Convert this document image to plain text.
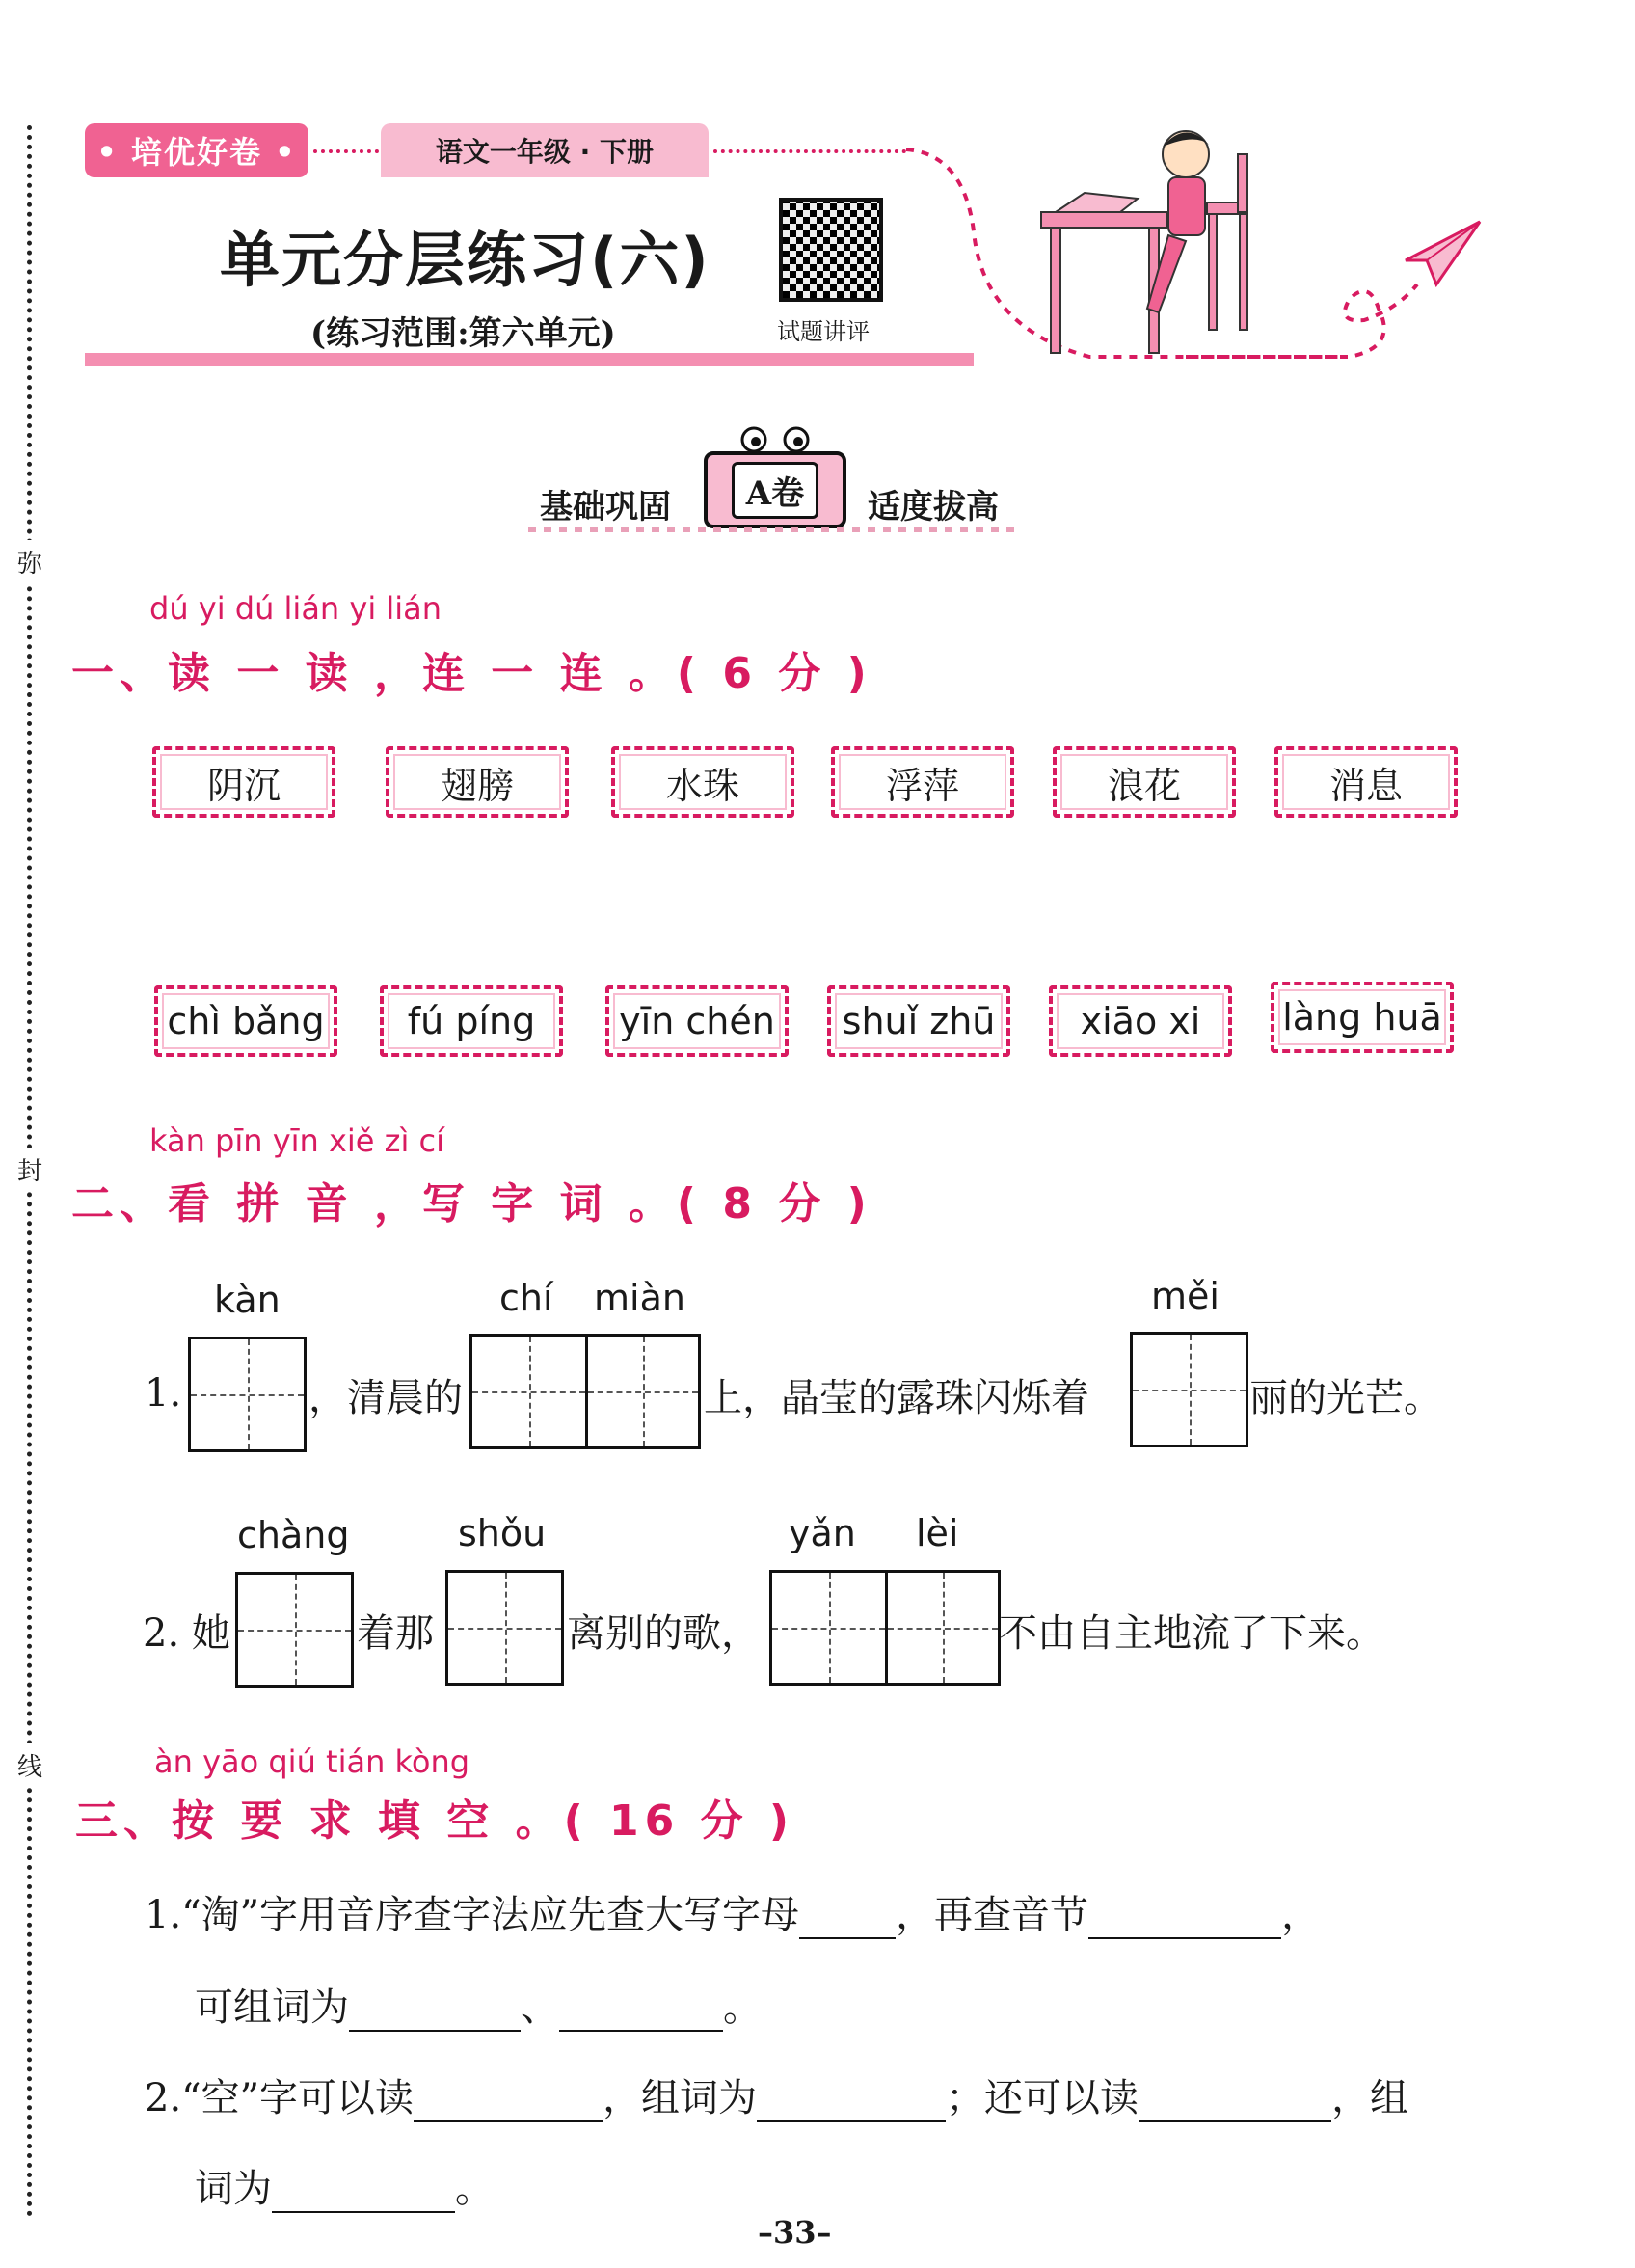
弥
封
线
• 培优好卷 •	语文一年级 · 下册
单元分层练习(六)
(练习范围:第六单元)	试题讲评
基础巩固	A卷	适度拔高
dú yi dú lián yi lián
一、读 一 读 ，连 一 连 。( 6 分 )
阴沉	翅膀	水珠	浮萍	浪花	消息
chì bǎng	fú píng	yīn chén	shuǐ zhū	xiāo xi	làng huā
kàn pīn yīn xiě zì cí
二、看 拼 音 ，写 字 词 。( 8 分 )
kàn	chí miàn	měi
1.	，清晨的	上，晶莹的露珠闪烁着	丽的光芒。
chàng	shǒu	yǎn lèi
2. 她	着那	离别的歌，	不由自主地流了下来。
àn yāo qiú tián kòng
三、按 要 求 填 空 。( 16 分 )
1.“淘”字用音序查字法应先查大写字母	，再查音节	，
可组词为	、	。
2.“空”字可以读	，组词为	；还可以读	，组
词为	。
–33–
